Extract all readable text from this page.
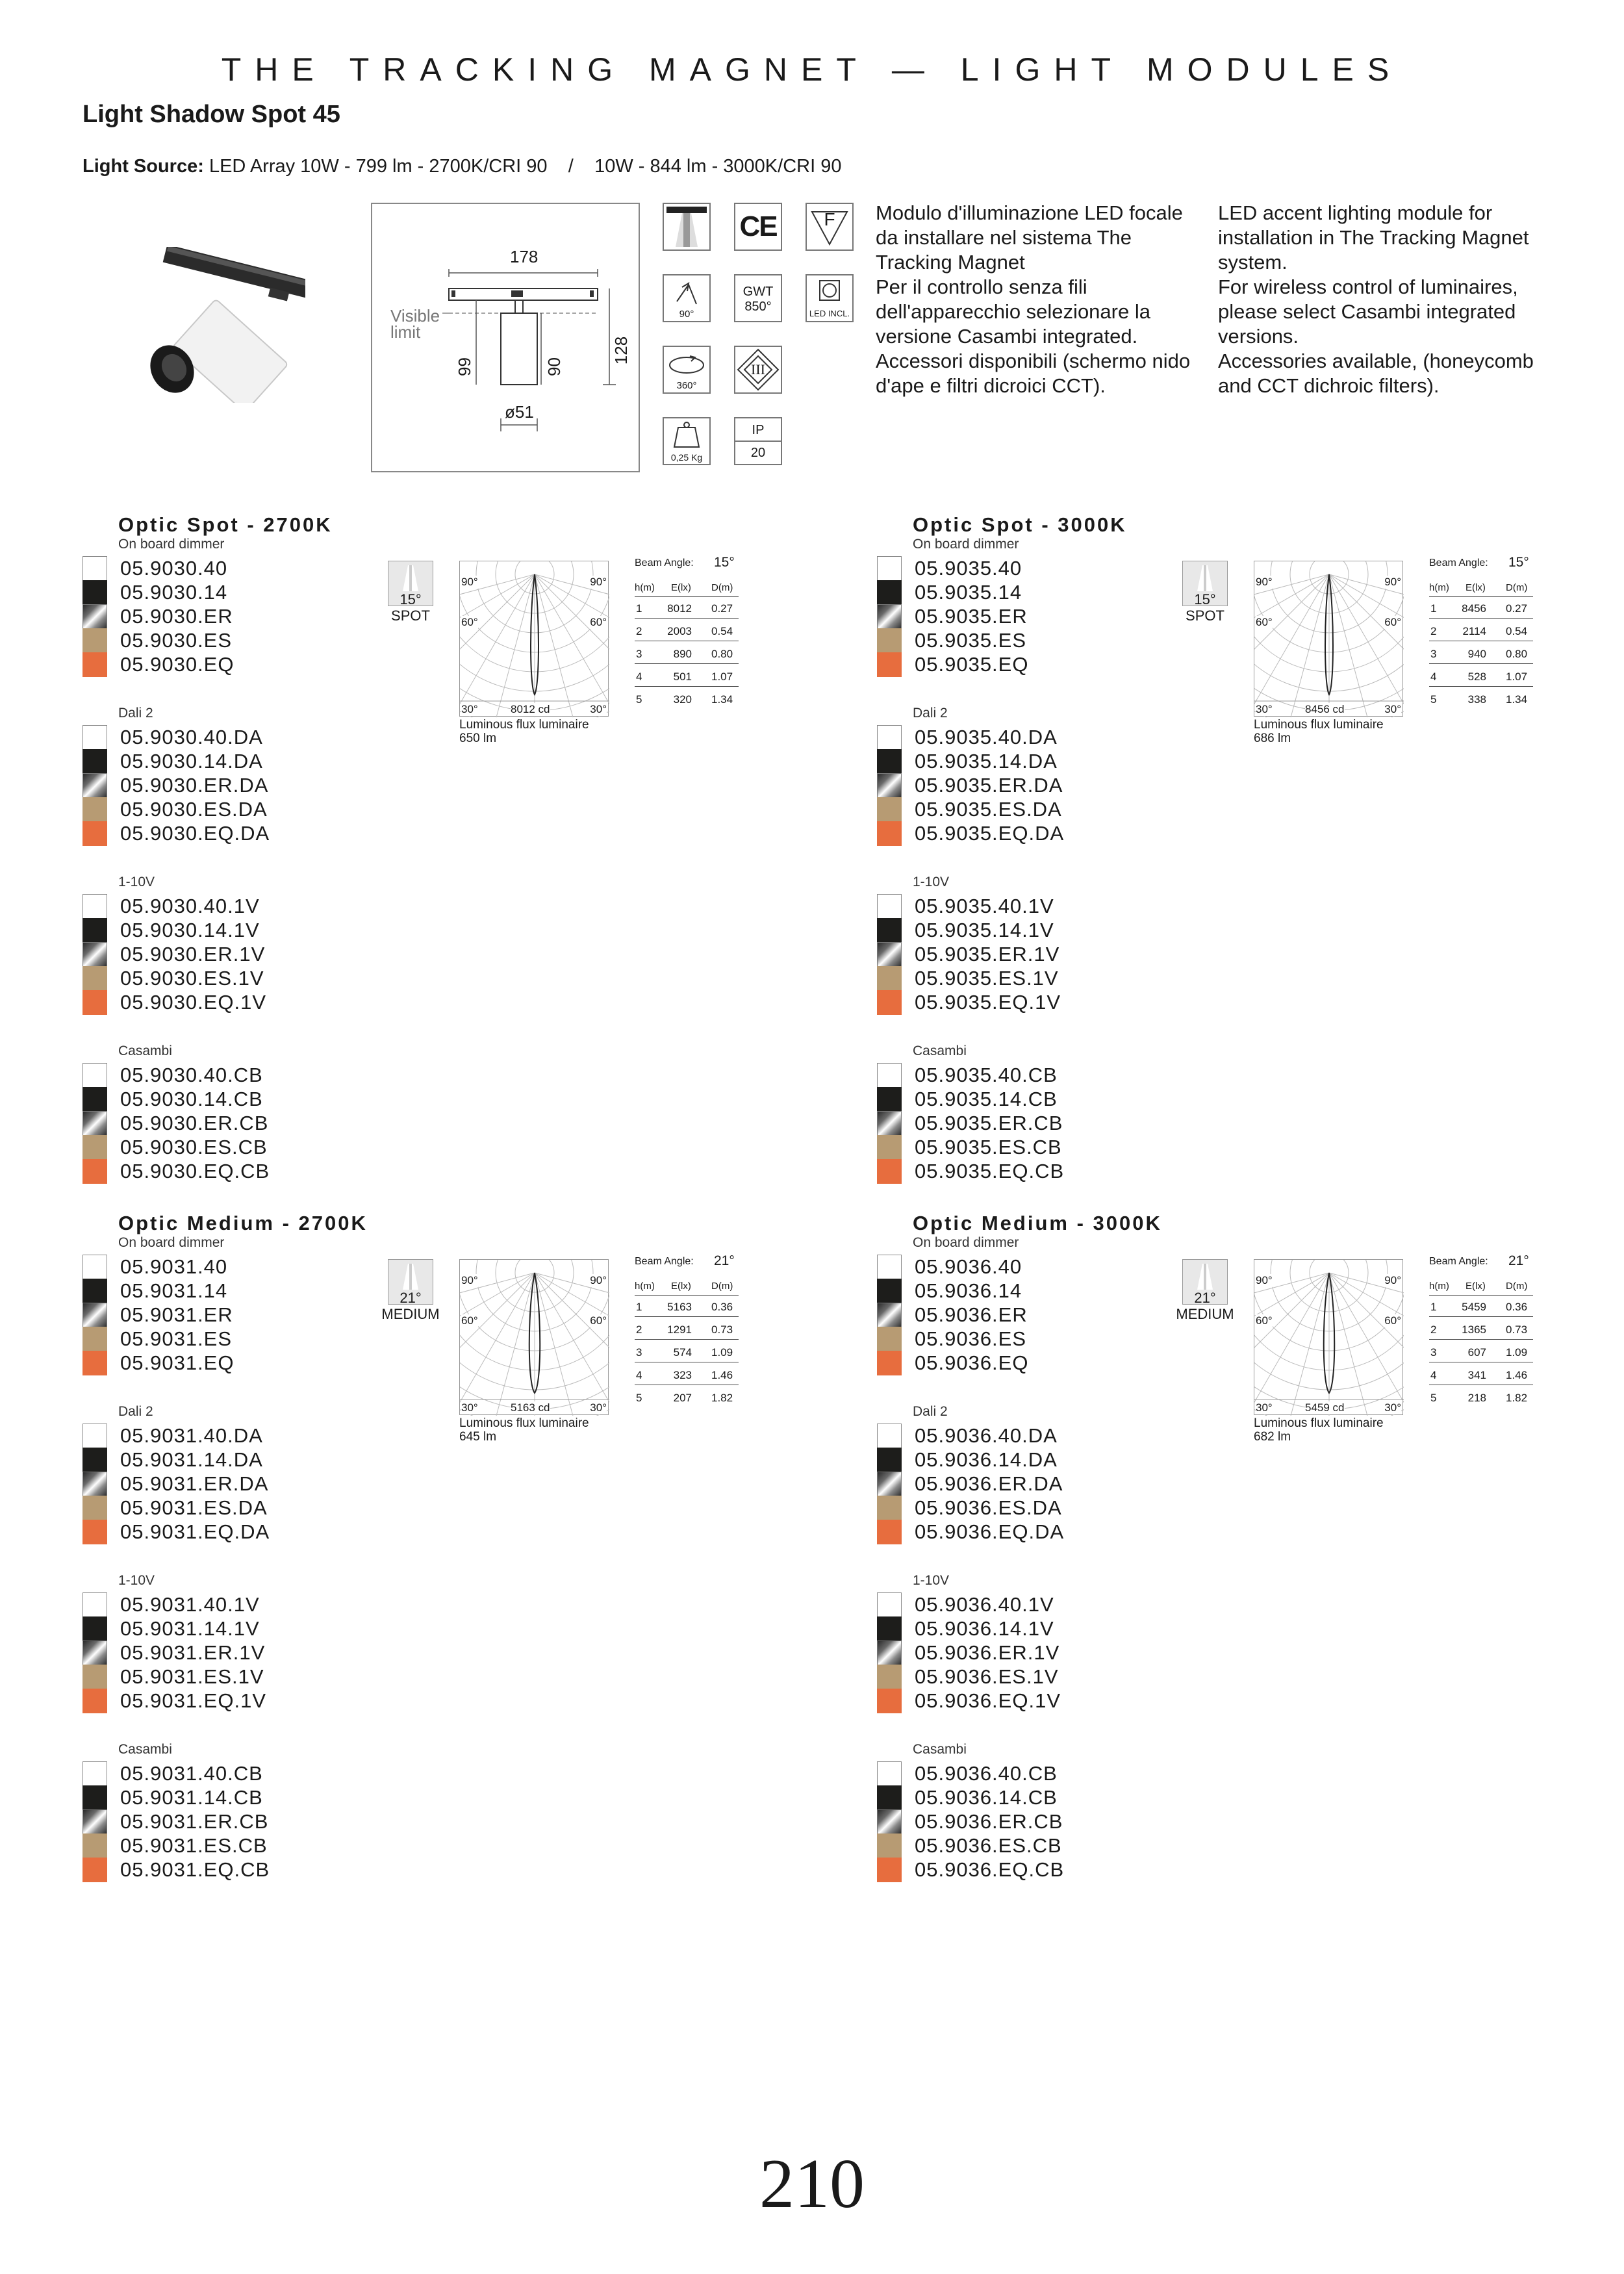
THE TRACKING MAGNET — LIGHT MODULES
Light Shadow Spot 45
Light Source: LED Array 10W - 799 lm - 2700K/CRI 90    /    10W - 844 lm - 3000K/CRI 90
178
Visible
limit
99	90
128
ø51
CE	F
90°
GWT
850°	LED INCL.
360°
III
0,25 Kg
IP
20
Modulo d'illuminazione LED focale
da installare nel sistema The
Tracking Magnet
Per il controllo senza fili
dell'apparecchio selezionare la
versione Casambi integrated.
Accessori disponibili (schermo nido
d'ape e filtri dicroici CCT).
LED accent lighting module for
installation in The Tracking Magnet
system.
For wireless control of luminaires,
please select Casambi integrated
versions.
Accessories available, (honeycomb
and CCT dichroic filters).
Optic Spot - 2700K
On board dimmer
05.9030.40
05.9030.14
05.9030.ER
05.9030.ES
05.9030.EQ
Dali 2
05.9030.40.DA
05.9030.14.DA
05.9030.ER.DA
05.9030.ES.DA
05.9030.EQ.DA
1-10V
05.9030.40.1V
05.9030.14.1V
05.9030.ER.1V
05.9030.ES.1V
05.9030.EQ.1V
Casambi
05.9030.40.CB
05.9030.14.CB
05.9030.ER.CB
05.9030.ES.CB
05.9030.EQ.CB
15°
SPOT
90°	90°
60°	60°
30°	30°
8012 cd
Luminous flux luminaire
650 lm
Beam Angle: 15°
h(m) E(lx) D(m)
1	8012 0.27
2	2003 0.54
3	890 0.80
4	501 1.07
5	320 1.34
Optic Spot - 3000K
On board dimmer
05.9035.40
05.9035.14
05.9035.ER
05.9035.ES
05.9035.EQ
Dali 2
05.9035.40.DA
05.9035.14.DA
05.9035.ER.DA
05.9035.ES.DA
05.9035.EQ.DA
1-10V
05.9035.40.1V
05.9035.14.1V
05.9035.ER.1V
05.9035.ES.1V
05.9035.EQ.1V
Casambi
05.9035.40.CB
05.9035.14.CB
05.9035.ER.CB
05.9035.ES.CB
05.9035.EQ.CB
15°
SPOT
90°	90°
60°	60°
30°	30°
8456 cd
Luminous flux luminaire
686 lm
Beam Angle: 15°
h(m) E(lx) D(m)
1	8456 0.27
2	2114 0.54
3	940 0.80
4	528 1.07
5	338 1.34
Optic Medium - 2700K
On board dimmer
05.9031.40
05.9031.14
05.9031.ER
05.9031.ES
05.9031.EQ
Dali 2
05.9031.40.DA
05.9031.14.DA
05.9031.ER.DA
05.9031.ES.DA
05.9031.EQ.DA
1-10V
05.9031.40.1V
05.9031.14.1V
05.9031.ER.1V
05.9031.ES.1V
05.9031.EQ.1V
Casambi
05.9031.40.CB
05.9031.14.CB
05.9031.ER.CB
05.9031.ES.CB
05.9031.EQ.CB
21°
MEDIUM
90°	90°
60°	60°
30°	30°
5163 cd
Luminous flux luminaire
645 lm
Beam Angle: 21°
h(m) E(lx) D(m)
1	5163 0.36
2	1291 0.73
3	574 1.09
4	323 1.46
5	207 1.82
Optic Medium - 3000K
On board dimmer
05.9036.40
05.9036.14
05.9036.ER
05.9036.ES
05.9036.EQ
Dali 2
05.9036.40.DA
05.9036.14.DA
05.9036.ER.DA
05.9036.ES.DA
05.9036.EQ.DA
1-10V
05.9036.40.1V
05.9036.14.1V
05.9036.ER.1V
05.9036.ES.1V
05.9036.EQ.1V
Casambi
05.9036.40.CB
05.9036.14.CB
05.9036.ER.CB
05.9036.ES.CB
05.9036.EQ.CB
21°
MEDIUM
90°	90°
60°	60°
30°	30°
5459 cd
Luminous flux luminaire
682 lm
Beam Angle: 21°
h(m) E(lx) D(m)
1	5459 0.36
2	1365 0.73
3	607 1.09
4	341 1.46
5	218 1.82
210
